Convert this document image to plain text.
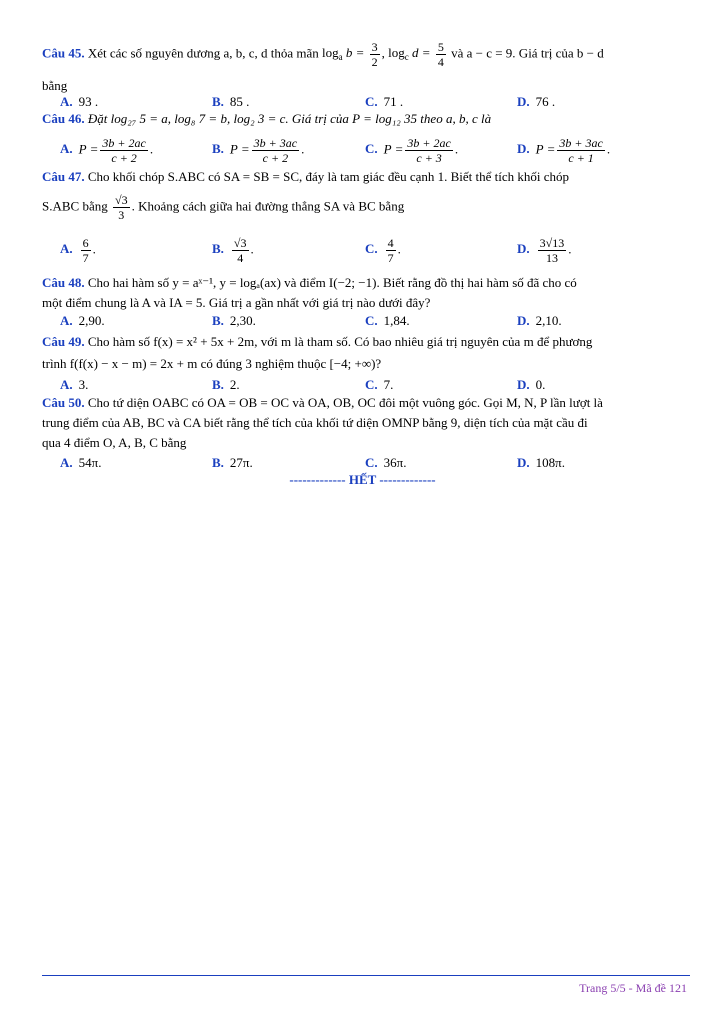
Câu 45. Xét các số nguyên dương a, b, c, d thỏa mãn $\log_a b = \frac{3}{2}$ , $\log_c d = \frac{5}{4}$ và a − c = 9. Giá trị của b − d
bằng
A. 93 .	B. 85 .	C. 71 .	D. 76 .
Câu 46. Đặt log₂₇ 5 = a, log₈ 7 = b, log₂ 3 = c. Giá trị của P = log₁₂ 35 theo a, b, c là
A. $P = \frac{3b + 2ac}{c + 2}$ .	B. $P = \frac{3b + 3ac}{c + 2}$ .	C. $P = \frac{3b + 2ac}{c + 3}$ .	D. $P = \frac{3b + 3ac}{c + 1}$ .
Câu 47. Cho khối chóp S.ABC có SA = SB = SC, đáy là tam giác đều cạnh 1. Biết thể tích khối chóp
S.ABC bằng $\frac{√3}{3}$ . Khoảng cách giữa hai đường thẳng SA và BC bằng
A. $\frac{6}{7}$ .	B. $\frac{√3}{4}$ .	C. $\frac{4}{7}$ .	D. $\frac{3√13}{13}$ .
Câu 48. Cho hai hàm số y = aˣ⁻¹, y = logₐ(ax) và điểm I(−2; −1). Biết rằng đồ thị hai hàm số đã cho có
một điểm chung là A và IA = 5. Giá trị a gần nhất với giá trị nào dưới đây?
A. 2,90.	B. 2,30.	C. 1,84.	D. 2,10.
Câu 49. Cho hàm số f(x) = x² + 5x + 2m, với m là tham số. Có bao nhiêu giá trị nguyên của m để phương
trình f(f(x) − x − m) = 2x + m có đúng 3 nghiệm thuộc [−4; +∞)?
A. 3.	B. 2.	C. 7.	D. 0.
Câu 50. Cho tứ diện OABC có OA = OB = OC và OA, OB, OC đôi một vuông góc. Gọi M, N, P lần lượt là
trung điểm của AB, BC và CA biết rằng thể tích của khối tứ diện OMNP bằng 9, diện tích của mặt cầu đi
qua 4 điểm O, A, B, C bằng
A. 54π.	B. 27π.	C. 36π.	D. 108π.
------------- HẾT -------------
Trang 5/5 - Mã đề 121
